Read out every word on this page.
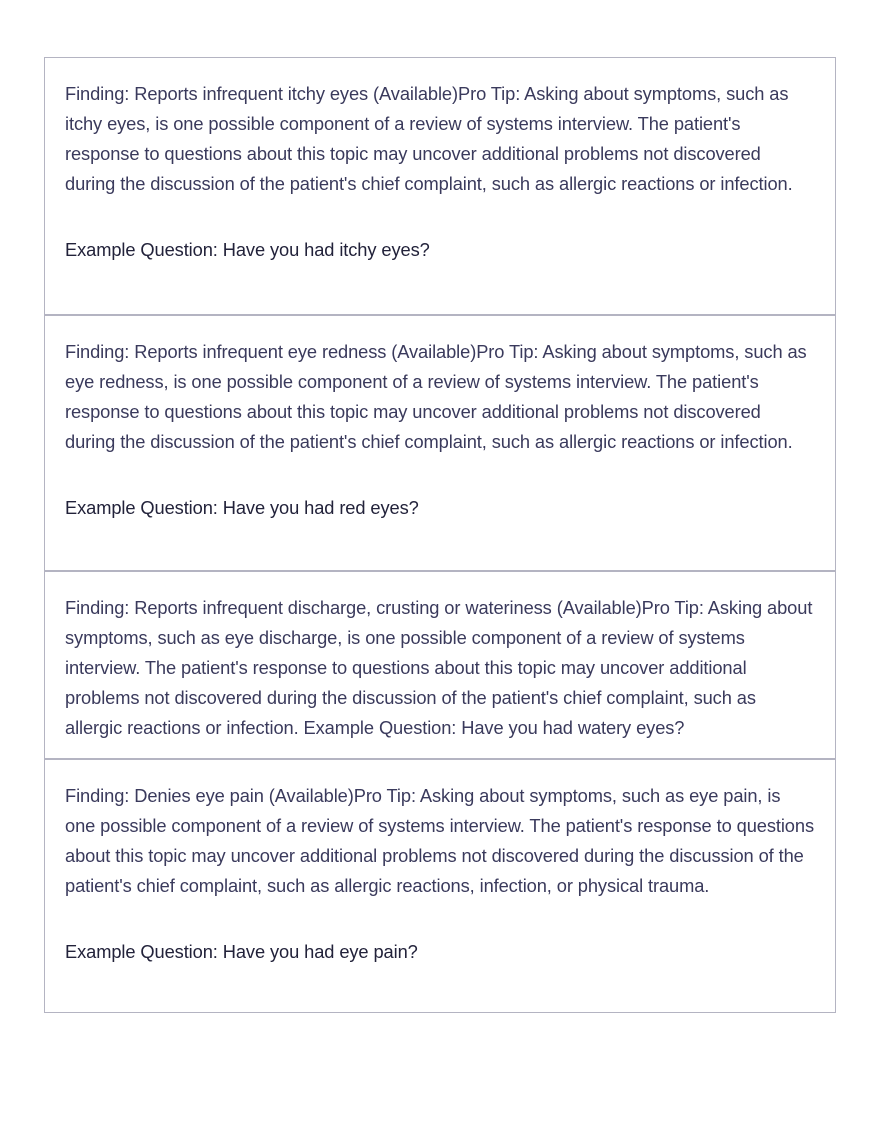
Finding: Reports infrequent itchy eyes (Available)Pro Tip: Asking about symptoms, such as itchy eyes, is one possible component of a review of systems interview. The patient's response to questions about this topic may uncover additional problems not discovered during the discussion of the patient's chief complaint, such as allergic reactions or infection.

Example Question: Have you had itchy eyes?

Finding: Reports infrequent eye redness (Available)Pro Tip: Asking about symptoms, such as eye redness, is one possible component of a review of systems interview. The patient's response to questions about this topic may uncover additional problems not discovered during the discussion of the patient's chief complaint, such as allergic reactions or infection.

Example Question: Have you had red eyes?

Finding: Reports infrequent discharge, crusting or wateriness (Available)Pro Tip: Asking about symptoms, such as eye discharge, is one possible component of a review of systems interview. The patient's response to questions about this topic may uncover additional problems not discovered during the discussion of the patient's chief complaint, such as allergic reactions or infection. Example Question: Have you had watery eyes?

Finding: Denies eye pain (Available)Pro Tip: Asking about symptoms, such as eye pain, is one possible component of a review of systems interview. The patient's response to questions about this topic may uncover additional problems not discovered during the discussion of the patient's chief complaint, such as allergic reactions, infection, or physical trauma.

Example Question: Have you had eye pain?
